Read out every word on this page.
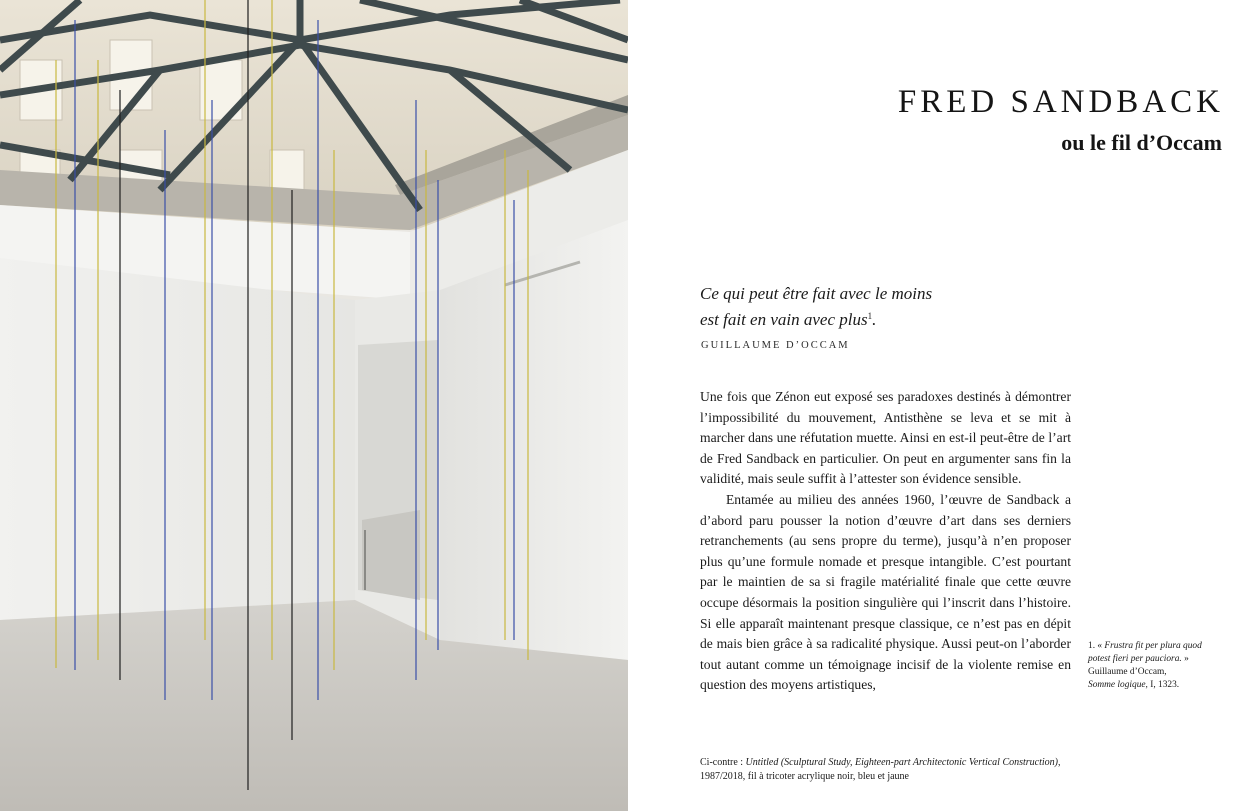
FRED SANDBACK
ou le fil d’Occam
Ce qui peut être fait avec le moins
est fait en vain avec plus$^1$.
GUILLAUME D’OCCAM

Une fois que Zénon eut exposé ses paradoxes destinés à démontrer l’impossibilité du mouvement, Antisthène se leva et se mit à marcher dans une réfutation muette. Ainsi en est-il peut-être de l’art de Fred Sandback en particulier. On peut en argumenter sans fin la validité, mais seule suffit à l’attester son évidence sensible.

Entamée au milieu des années 1960, l’œuvre de Sandback a d’abord paru pousser la notion d’œuvre d’art dans ses derniers retranchements (au sens propre du terme), jusqu’à n’en proposer plus qu’une formule nomade et presque intangible. C’est pourtant par le maintien de sa si fragile matérialité finale que cette œuvre occupe désormais la position singulière qui l’inscrit dans l’histoire. Si elle apparaît maintenant presque classique, ce n’est pas en dépit de mais bien grâce à sa radicalité physique. Aussi peut-on l’aborder tout autant comme un témoignage incisif de la violente remise en question des moyens artistiques,

1. « Frustra fit per plura quod potest fieri per pauciora. »
Guillaume d’Occam,
Somme logique, I, 1323.
Ci-contre : Untitled (Sculptural Study, Eighteen-part Architectonic Vertical Construction),
1987/2018, fil à tricoter acrylique noir, bleu et jaune
